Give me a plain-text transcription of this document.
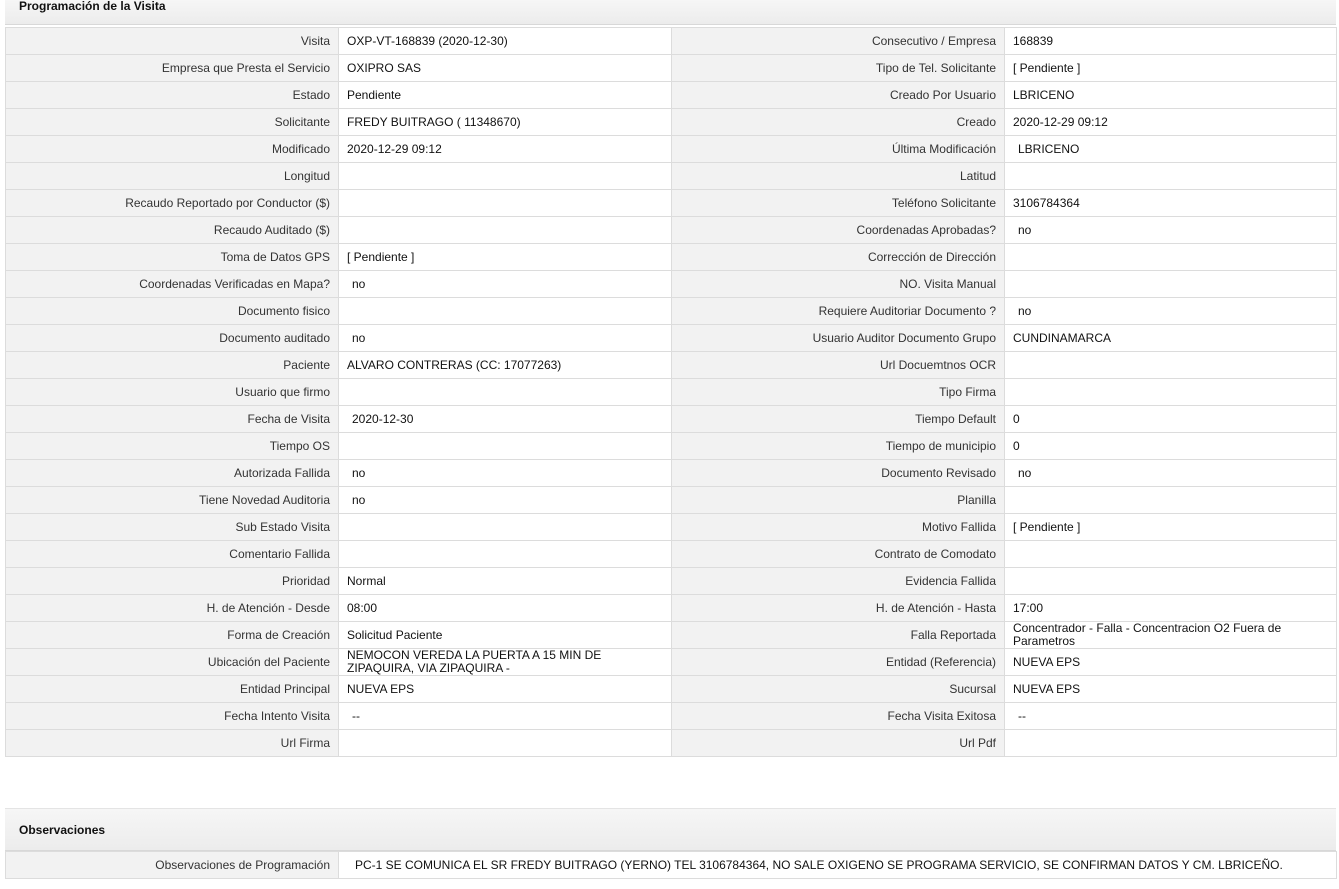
Programación de la Visita
Visita	OXP-VT-168839 (2020-12-30)	Consecutivo / Empresa	168839
Empresa que Presta el Servicio	OXIPRO SAS	Tipo de Tel. Solicitante	[ Pendiente ]
Estado	Pendiente	Creado Por Usuario	LBRICENO
Solicitante	FREDY BUITRAGO ( 11348670)	Creado	2020-12-29 09:12
Modificado	2020-12-29 09:12	Última Modificación	LBRICENO
Longitud		Latitud	
Recaudo Reportado por Conductor ($)		Teléfono Solicitante	3106784364
Recaudo Auditado ($)		Coordenadas Aprobadas?	no
Toma de Datos GPS	[ Pendiente ]	Corrección de Dirección	
Coordenadas Verificadas en Mapa?	no	NO. Visita Manual	
Documento fisico		Requiere Auditoriar Documento ?	no
Documento auditado	no	Usuario Auditor Documento Grupo	CUNDINAMARCA
Paciente	ALVARO CONTRERAS (CC: 17077263)	Url Docuemtnos OCR	
Usuario que firmo		Tipo Firma	
Fecha de Visita	2020-12-30	Tiempo Default	0
Tiempo OS		Tiempo de municipio	0
Autorizada Fallida	no	Documento Revisado	no
Tiene Novedad Auditoria	no	Planilla	
Sub Estado Visita		Motivo Fallida	[ Pendiente ]
Comentario Fallida		Contrato de Comodato	
Prioridad	Normal	Evidencia Fallida	
H. de Atención - Desde	08:00	H. de Atención - Hasta	17:00
Forma de Creación	Solicitud Paciente	Falla Reportada	Concentrador - Falla - Concentracion O2 Fuera de Parametros
Ubicación del Paciente	NEMOCON VEREDA LA PUERTA A 15 MIN DE ZIPAQUIRA, VIA ZIPAQUIRA -	Entidad (Referencia)	NUEVA EPS
Entidad Principal	NUEVA EPS	Sucursal	NUEVA EPS
Fecha Intento Visita	--	Fecha Visita Exitosa	--
Url Firma		Url Pdf	
Observaciones
Observaciones de Programación	PC-1 SE COMUNICA EL SR FREDY BUITRAGO (YERNO) TEL 3106784364, NO SALE OXIGENO SE PROGRAMA SERVICIO, SE CONFIRMAN DATOS Y CM. LBRICEÑO.
